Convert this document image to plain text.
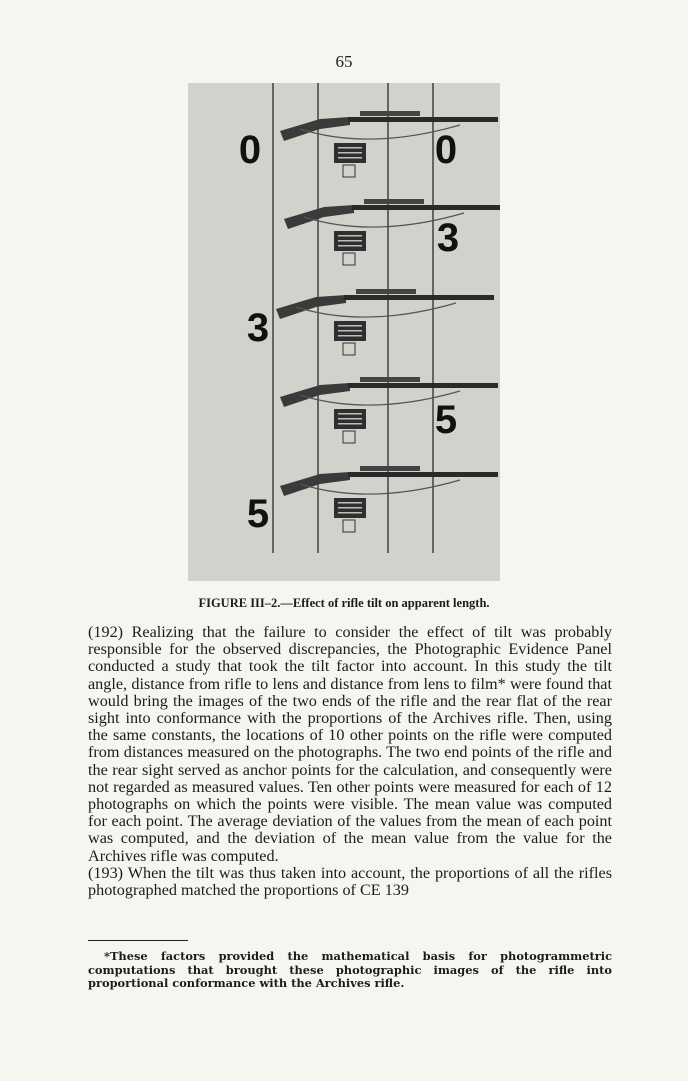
65
0	0
3
3
5
5
FIGURE III–2.—Effect of rifle tilt on apparent length.

(192) Realizing that the failure to consider the effect of tilt was probably responsible for the observed discrepancies, the Photographic Evidence Panel conducted a study that took the tilt factor into account. In this study the tilt angle, distance from rifle to lens and distance from lens to film* were found that would bring the images of the two ends of the rifle and the rear flat of the rear sight into conformance with the proportions of the Archives rifle. Then, using the same constants, the locations of 10 other points on the rifle were computed from distances measured on the photographs. The two end points of the rifle and the rear sight served as anchor points for the calculation, and consequently were not regarded as measured values. Ten other points were measured for each of 12 photographs on which the points were visible. The mean value was computed for each point. The average deviation of the values from the mean of each point was computed, and the deviation of the mean value from the value for the Archives rifle was computed.

(193) When the tilt was thus taken into account, the proportions of all the rifles photographed matched the proportions of CE 139

*These factors provided the mathematical basis for photogrammetric computations that brought these photographic images of the rifle into proportional conformance with the Archives rifle.
